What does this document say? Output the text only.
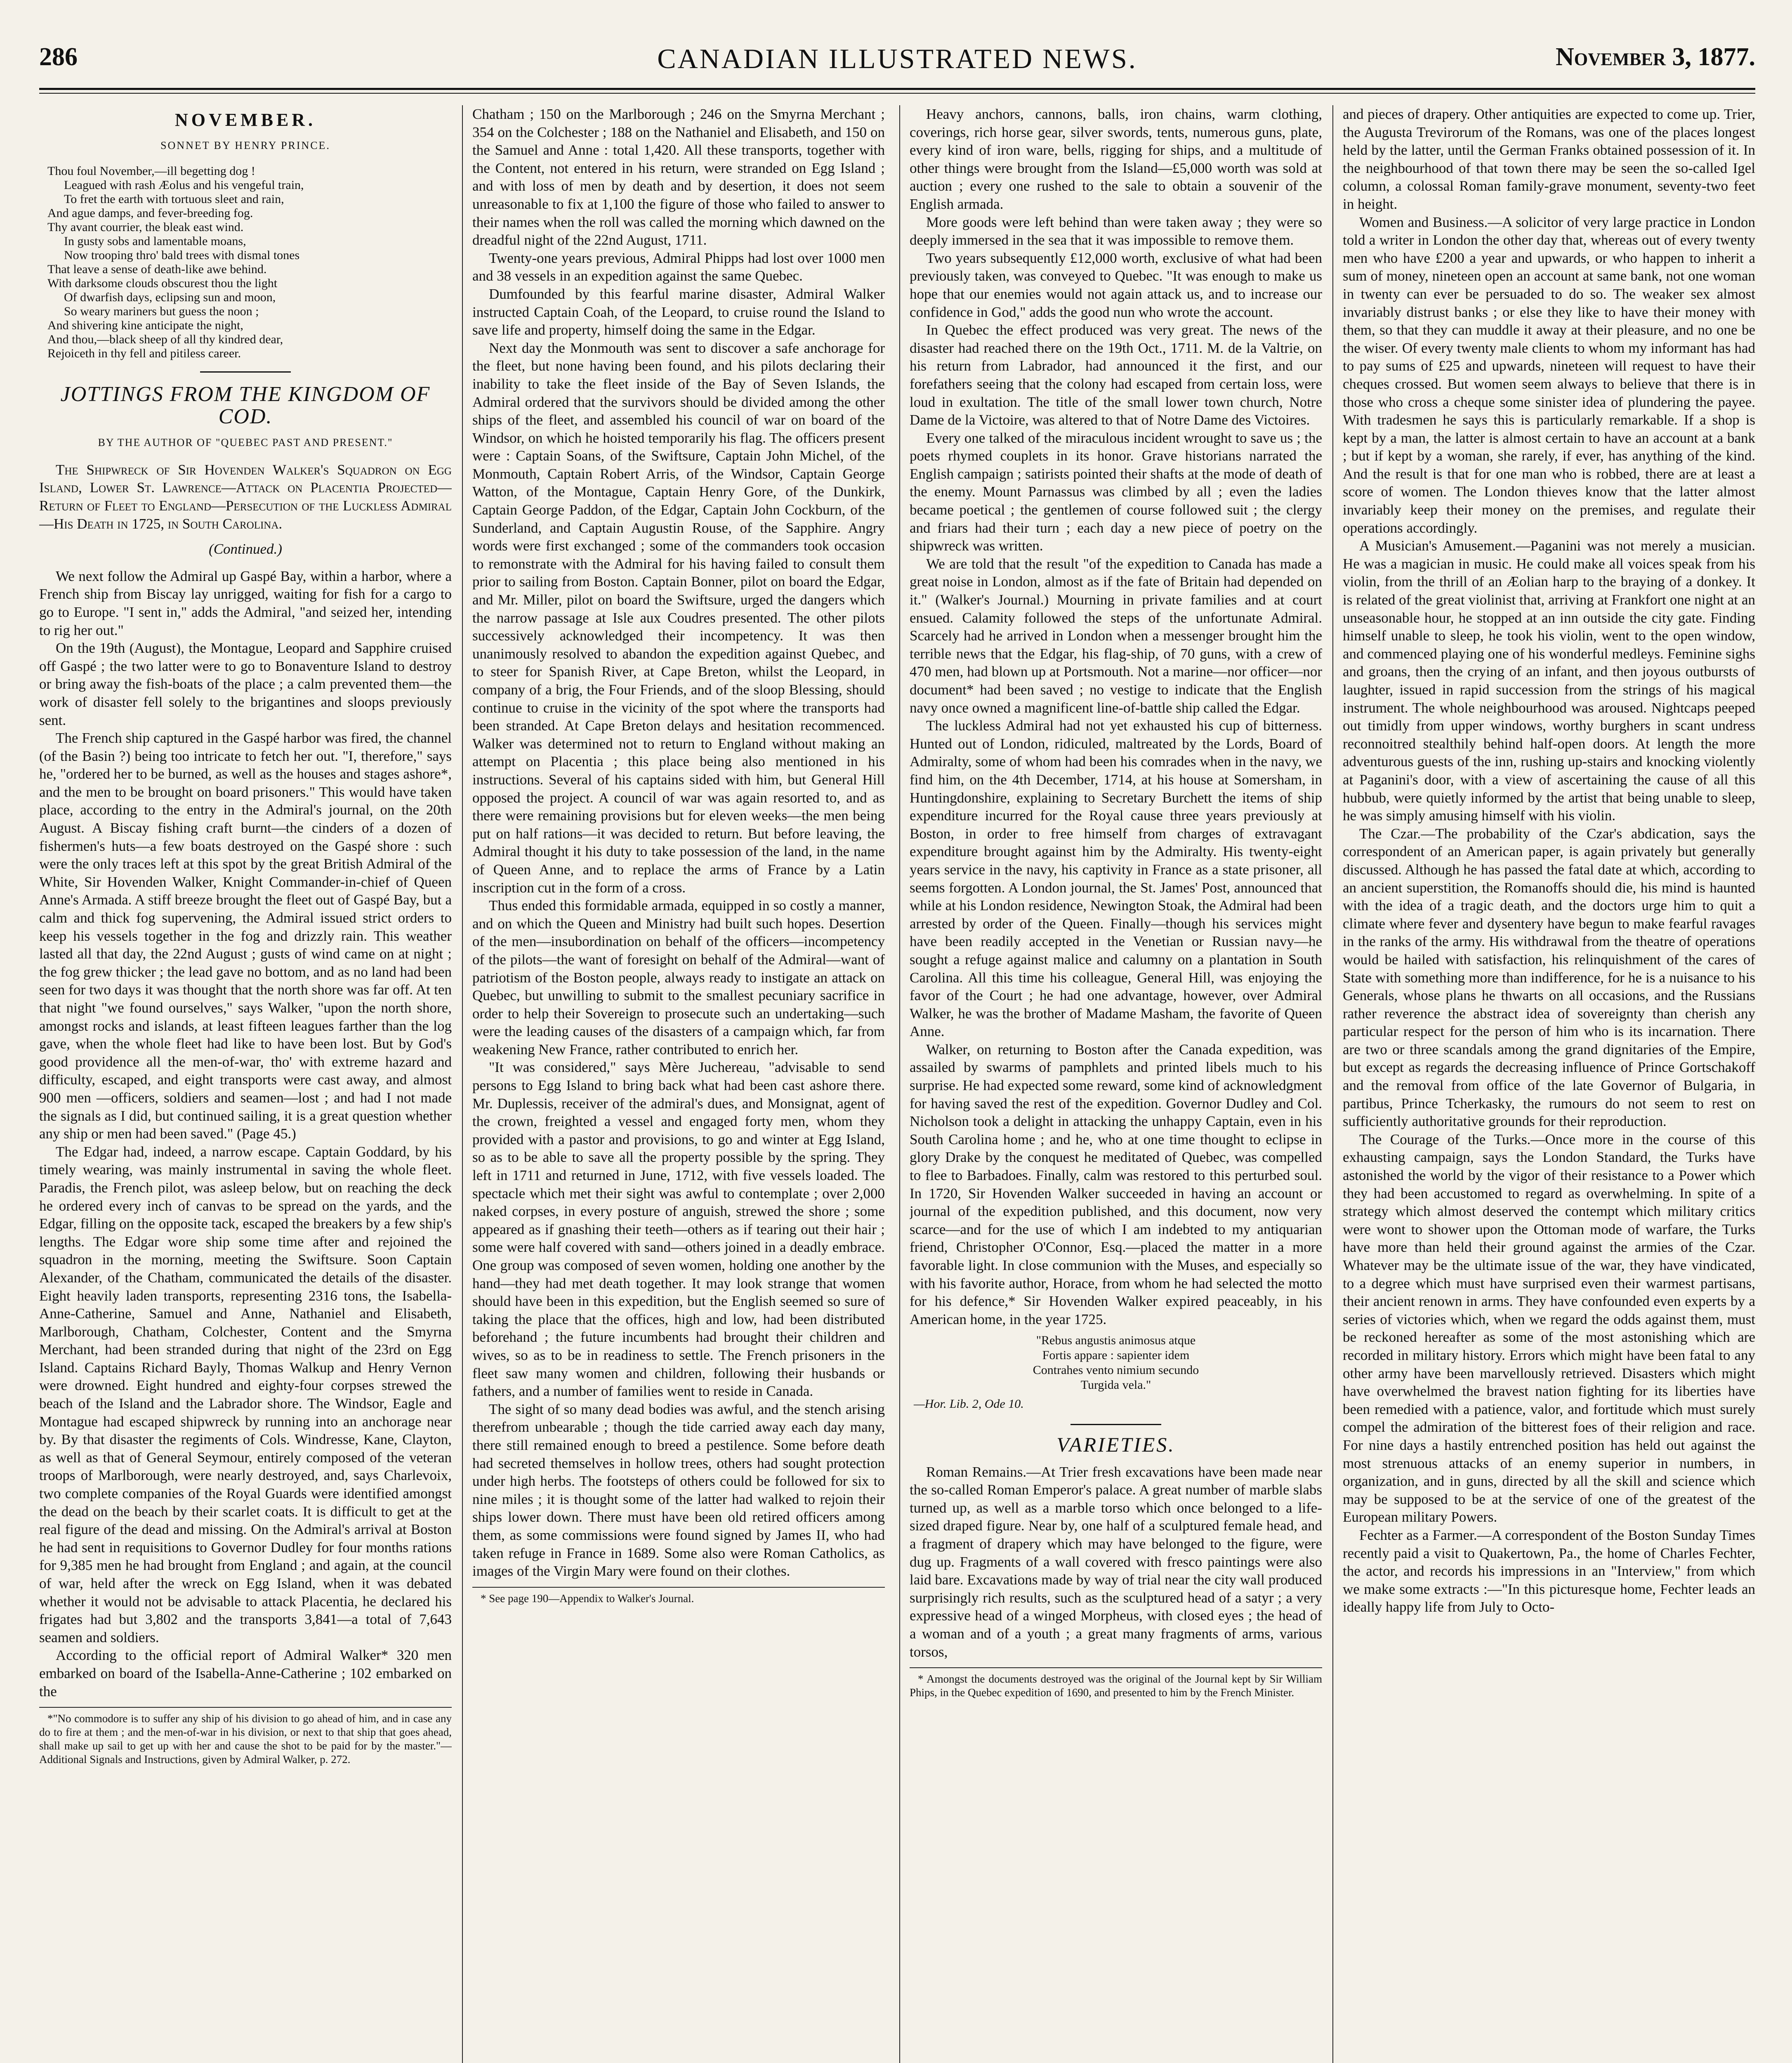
286	CANADIAN ILLUSTRATED NEWS.	November 3, 1877.
NOVEMBER.
SONNET BY HENRY PRINCE.
Thou foul November,—ill begetting dog !
Leagued with rash Æolus and his vengeful train,
To fret the earth with tortuous sleet and rain,
And ague damps, and fever-breeding fog.
Thy avant courrier, the bleak east wind.
In gusty sobs and lamentable moans,
Now trooping thro' bald trees with dismal tones
That leave a sense of death-like awe behind.
With darksome clouds obscurest thou the light
Of dwarfish days, eclipsing sun and moon,
So weary mariners but guess the noon ;
And shivering kine anticipate the night,
And thou,—black sheep of all thy kindred dear,
Rejoiceth in thy fell and pitiless career.
JOTTINGS FROM THE KINGDOM OF COD.
BY THE AUTHOR OF "QUEBEC PAST AND PRESENT."

The Shipwreck of Sir Hovenden Walker's Squadron on Egg Island, Lower St. Lawrence—Attack on Placentia Projected—Return of Fleet to England—Persecution of the Luckless Admiral—His Death in 1725, in South Carolina.

(Continued.)

We next follow the Admiral up Gaspé Bay, within a harbor, where a French ship from Biscay lay unrigged, waiting for fish for a cargo to go to Europe. "I sent in," adds the Admiral, "and seized her, intending to rig her out."

On the 19th (August), the Montague, Leopard and Sapphire cruised off Gaspé ; the two latter were to go to Bonaventure Island to destroy or bring away the fish-boats of the place ; a calm prevented them—the work of disaster fell solely to the brigantines and sloops previously sent.

The French ship captured in the Gaspé harbor was fired, the channel (of the Basin ?) being too intricate to fetch her out. "I, therefore," says he, "ordered her to be burned, as well as the houses and stages ashore*, and the men to be brought on board prisoners." This would have taken place, according to the entry in the Admiral's journal, on the 20th August. A Biscay fishing craft burnt—the cinders of a dozen of fishermen's huts—a few boats destroyed on the Gaspé shore : such were the only traces left at this spot by the great British Admiral of the White, Sir Hovenden Walker, Knight Commander-in-chief of Queen Anne's Armada. A stiff breeze brought the fleet out of Gaspé Bay, but a calm and thick fog supervening, the Admiral issued strict orders to keep his vessels together in the fog and drizzly rain. This weather lasted all that day, the 22nd August ; gusts of wind came on at night ; the fog grew thicker ; the lead gave no bottom, and as no land had been seen for two days it was thought that the north shore was far off. At ten that night "we found ourselves," says Walker, "upon the north shore, amongst rocks and islands, at least fifteen leagues farther than the log gave, when the whole fleet had like to have been lost. But by God's good providence all the men-of-war, tho' with extreme hazard and difficulty, escaped, and eight transports were cast away, and almost 900 men —officers, soldiers and seamen—lost ; and had I not made the signals as I did, but continued sailing, it is a great question whether any ship or men had been saved." (Page 45.)

The Edgar had, indeed, a narrow escape. Captain Goddard, by his timely wearing, was mainly instrumental in saving the whole fleet. Paradis, the French pilot, was asleep below, but on reaching the deck he ordered every inch of canvas to be spread on the yards, and the Edgar, filling on the opposite tack, escaped the breakers by a few ship's lengths. The Edgar wore ship some time after and rejoined the squadron in the morning, meeting the Swiftsure. Soon Captain Alexander, of the Chatham, communicated the details of the disaster. Eight heavily laden transports, representing 2316 tons, the Isabella-Anne-Catherine, Samuel and Anne, Nathaniel and Elisabeth, Marlborough, Chatham, Colchester, Content and the Smyrna Merchant, had been stranded during that night of the 23rd on Egg Island. Captains Richard Bayly, Thomas Walkup and Henry Vernon were drowned. Eight hundred and eighty-four corpses strewed the beach of the Island and the Labrador shore. The Windsor, Eagle and Montague had escaped shipwreck by running into an anchorage near by. By that disaster the regiments of Cols. Windresse, Kane, Clayton, as well as that of General Seymour, entirely composed of the veteran troops of Marlborough, were nearly destroyed, and, says Charlevoix, two complete companies of the Royal Guards were identified amongst the dead on the beach by their scarlet coats. It is difficult to get at the real figure of the dead and missing. On the Admiral's arrival at Boston he had sent in requisitions to Governor Dudley for four months rations for 9,385 men he had brought from England ; and again, at the council of war, held after the wreck on Egg Island, when it was debated whether it would not be advisable to attack Placentia, he declared his frigates had but 3,802 and the transports 3,841—a total of 7,643 seamen and soldiers.

According to the official report of Admiral Walker* 320 men embarked on board of the Isabella-Anne-Catherine ; 102 embarked on the

*"No commodore is to suffer any ship of his division to go ahead of him, and in case any do to fire at them ; and the men-of-war in his division, or next to that ship that goes ahead, shall make up sail to get up with her and cause the shot to be paid for by the master."—Additional Signals and Instructions, given by Admiral Walker, p. 272.

Chatham ; 150 on the Marlborough ; 246 on the Smyrna Merchant ; 354 on the Colchester ; 188 on the Nathaniel and Elisabeth, and 150 on the Samuel and Anne : total 1,420. All these transports, together with the Content, not entered in his return, were stranded on Egg Island ; and with loss of men by death and by desertion, it does not seem unreasonable to fix at 1,100 the figure of those who failed to answer to their names when the roll was called the morning which dawned on the dreadful night of the 22nd August, 1711.

Twenty-one years previous, Admiral Phipps had lost over 1000 men and 38 vessels in an expedition against the same Quebec.

Dumfounded by this fearful marine disaster, Admiral Walker instructed Captain Coah, of the Leopard, to cruise round the Island to save life and property, himself doing the same in the Edgar.

Next day the Monmouth was sent to discover a safe anchorage for the fleet, but none having been found, and his pilots declaring their inability to take the fleet inside of the Bay of Seven Islands, the Admiral ordered that the survivors should be divided among the other ships of the fleet, and assembled his council of war on board of the Windsor, on which he hoisted temporarily his flag. The officers present were : Captain Soans, of the Swiftsure, Captain John Michel, of the Monmouth, Captain Robert Arris, of the Windsor, Captain George Watton, of the Montague, Captain Henry Gore, of the Dunkirk, Captain George Paddon, of the Edgar, Captain John Cockburn, of the Sunderland, and Captain Augustin Rouse, of the Sapphire. Angry words were first exchanged ; some of the commanders took occasion to remonstrate with the Admiral for his having failed to consult them prior to sailing from Boston. Captain Bonner, pilot on board the Edgar, and Mr. Miller, pilot on board the Swiftsure, urged the dangers which the narrow passage at Isle aux Coudres presented. The other pilots successively acknowledged their incompetency. It was then unanimously resolved to abandon the expedition against Quebec, and to steer for Spanish River, at Cape Breton, whilst the Leopard, in company of a brig, the Four Friends, and of the sloop Blessing, should continue to cruise in the vicinity of the spot where the transports had been stranded. At Cape Breton delays and hesitation recommenced. Walker was determined not to return to England without making an attempt on Placentia ; this place being also mentioned in his instructions. Several of his captains sided with him, but General Hill opposed the project. A council of war was again resorted to, and as there were remaining provisions but for eleven weeks—the men being put on half rations—it was decided to return. But before leaving, the Admiral thought it his duty to take possession of the land, in the name of Queen Anne, and to replace the arms of France by a Latin inscription cut in the form of a cross.

Thus ended this formidable armada, equipped in so costly a manner, and on which the Queen and Ministry had built such hopes. Desertion of the men—insubordination on behalf of the officers—incompetency of the pilots—the want of foresight on behalf of the Admiral—want of patriotism of the Boston people, always ready to instigate an attack on Quebec, but unwilling to submit to the smallest pecuniary sacrifice in order to help their Sovereign to prosecute such an undertaking—such were the leading causes of the disasters of a campaign which, far from weakening New France, rather contributed to enrich her.

"It was considered," says Mère Juchereau, "advisable to send persons to Egg Island to bring back what had been cast ashore there. Mr. Duplessis, receiver of the admiral's dues, and Monsignat, agent of the crown, freighted a vessel and engaged forty men, whom they provided with a pastor and provisions, to go and winter at Egg Island, so as to be able to save all the property possible by the spring. They left in 1711 and returned in June, 1712, with five vessels loaded. The spectacle which met their sight was awful to contemplate ; over 2,000 naked corpses, in every posture of anguish, strewed the shore ; some appeared as if gnashing their teeth—others as if tearing out their hair ; some were half covered with sand—others joined in a deadly embrace. One group was composed of seven women, holding one another by the hand—they had met death together. It may look strange that women should have been in this expedition, but the English seemed so sure of taking the place that the offices, high and low, had been distributed beforehand ; the future incumbents had brought their children and wives, so as to be in readiness to settle. The French prisoners in the fleet saw many women and children, following their husbands or fathers, and a number of families went to reside in Canada.

The sight of so many dead bodies was awful, and the stench arising therefrom unbearable ; though the tide carried away each day many, there still remained enough to breed a pestilence. Some before death had secreted themselves in hollow trees, others had sought protection under high herbs. The footsteps of others could be followed for six to nine miles ; it is thought some of the latter had walked to rejoin their ships lower down. There must have been old retired officers among them, as some commissions were found signed by James II, who had taken refuge in France in 1689. Some also were Roman Catholics, as images of the Virgin Mary were found on their clothes.

* See page 190—Appendix to Walker's Journal.

Heavy anchors, cannons, balls, iron chains, warm clothing, coverings, rich horse gear, silver swords, tents, numerous guns, plate, every kind of iron ware, bells, rigging for ships, and a multitude of other things were brought from the Island—£5,000 worth was sold at auction ; every one rushed to the sale to obtain a souvenir of the English armada.

More goods were left behind than were taken away ; they were so deeply immersed in the sea that it was impossible to remove them.

Two years subsequently £12,000 worth, exclusive of what had been previously taken, was conveyed to Quebec. "It was enough to make us hope that our enemies would not again attack us, and to increase our confidence in God," adds the good nun who wrote the account.

In Quebec the effect produced was very great. The news of the disaster had reached there on the 19th Oct., 1711. M. de la Valtrie, on his return from Labrador, had announced it the first, and our forefathers seeing that the colony had escaped from certain loss, were loud in exultation. The title of the small lower town church, Notre Dame de la Victoire, was altered to that of Notre Dame des Victoires.

Every one talked of the miraculous incident wrought to save us ; the poets rhymed couplets in its honor. Grave historians narrated the English campaign ; satirists pointed their shafts at the mode of death of the enemy. Mount Parnassus was climbed by all ; even the ladies became poetical ; the gentlemen of course followed suit ; the clergy and friars had their turn ; each day a new piece of poetry on the shipwreck was written.

We are told that the result "of the expedition to Canada has made a great noise in London, almost as if the fate of Britain had depended on it." (Walker's Journal.) Mourning in private families and at court ensued. Calamity followed the steps of the unfortunate Admiral. Scarcely had he arrived in London when a messenger brought him the terrible news that the Edgar, his flag-ship, of 70 guns, with a crew of 470 men, had blown up at Portsmouth. Not a marine—nor officer—nor document* had been saved ; no vestige to indicate that the English navy once owned a magnificent line-of-battle ship called the Edgar.

The luckless Admiral had not yet exhausted his cup of bitterness. Hunted out of London, ridiculed, maltreated by the Lords, Board of Admiralty, some of whom had been his comrades when in the navy, we find him, on the 4th December, 1714, at his house at Somersham, in Huntingdonshire, explaining to Secretary Burchett the items of ship expenditure incurred for the Royal cause three years previously at Boston, in order to free himself from charges of extravagant expenditure brought against him by the Admiralty. His twenty-eight years service in the navy, his captivity in France as a state prisoner, all seems forgotten. A London journal, the St. James' Post, announced that while at his London residence, Newington Stoak, the Admiral had been arrested by order of the Queen. Finally—though his services might have been readily accepted in the Venetian or Russian navy—he sought a refuge against malice and calumny on a plantation in South Carolina. All this time his colleague, General Hill, was enjoying the favor of the Court ; he had one advantage, however, over Admiral Walker, he was the brother of Madame Masham, the favorite of Queen Anne.

Walker, on returning to Boston after the Canada expedition, was assailed by swarms of pamphlets and printed libels much to his surprise. He had expected some reward, some kind of acknowledgment for having saved the rest of the expedition. Governor Dudley and Col. Nicholson took a delight in attacking the unhappy Captain, even in his South Carolina home ; and he, who at one time thought to eclipse in glory Drake by the conquest he meditated of Quebec, was compelled to flee to Barbadoes. Finally, calm was restored to this perturbed soul. In 1720, Sir Hovenden Walker succeeded in having an account or journal of the expedition published, and this document, now very scarce—and for the use of which I am indebted to my antiquarian friend, Christopher O'Connor, Esq.—placed the matter in a more favorable light. In close communion with the Muses, and especially so with his favorite author, Horace, from whom he had selected the motto for his defence,* Sir Hovenden Walker expired peaceably, in his American home, in the year 1725.

"Rebus angustis animosus atque
Fortis appare : sapienter idem
Contrahes vento nimium secundo
Turgida vela."
—Hor. Lib. 2, Ode 10.
VARIETIES.

Roman Remains.—At Trier fresh excavations have been made near the so-called Roman Emperor's palace. A great number of marble slabs turned up, as well as a marble torso which once belonged to a life-sized draped figure. Near by, one half of a sculptured female head, and a fragment of drapery which may have belonged to the figure, were dug up. Fragments of a wall covered with fresco paintings were also laid bare. Excavations made by way of trial near the city wall produced surprisingly rich results, such as the sculptured head of a satyr ; a very expressive head of a winged Morpheus, with closed eyes ; the head of a woman and of a youth ; a great many fragments of arms, various torsos,

* Amongst the documents destroyed was the original of the Journal kept by Sir William Phips, in the Quebec expedition of 1690, and presented to him by the French Minister.

and pieces of drapery. Other antiquities are expected to come up. Trier, the Augusta Trevirorum of the Romans, was one of the places longest held by the latter, until the German Franks obtained possession of it. In the neighbourhood of that town there may be seen the so-called Igel column, a colossal Roman family-grave monument, seventy-two feet in height.

Women and Business.—A solicitor of very large practice in London told a writer in London the other day that, whereas out of every twenty men who have £200 a year and upwards, or who happen to inherit a sum of money, nineteen open an account at same bank, not one woman in twenty can ever be persuaded to do so. The weaker sex almost invariably distrust banks ; or else they like to have their money with them, so that they can muddle it away at their pleasure, and no one be the wiser. Of every twenty male clients to whom my informant has had to pay sums of £25 and upwards, nineteen will request to have their cheques crossed. But women seem always to believe that there is in those who cross a cheque some sinister idea of plundering the payee. With tradesmen he says this is particularly remarkable. If a shop is kept by a man, the latter is almost certain to have an account at a bank ; but if kept by a woman, she rarely, if ever, has anything of the kind. And the result is that for one man who is robbed, there are at least a score of women. The London thieves know that the latter almost invariably keep their money on the premises, and regulate their operations accordingly.

A Musician's Amusement.—Paganini was not merely a musician. He was a magician in music. He could make all voices speak from his violin, from the thrill of an Æolian harp to the braying of a donkey. It is related of the great violinist that, arriving at Frankfort one night at an unseasonable hour, he stopped at an inn outside the city gate. Finding himself unable to sleep, he took his violin, went to the open window, and commenced playing one of his wonderful medleys. Feminine sighs and groans, then the crying of an infant, and then joyous outbursts of laughter, issued in rapid succession from the strings of his magical instrument. The whole neighbourhood was aroused. Nightcaps peeped out timidly from upper windows, worthy burghers in scant undress reconnoitred stealthily behind half-open doors. At length the more adventurous guests of the inn, rushing up-stairs and knocking violently at Paganini's door, with a view of ascertaining the cause of all this hubbub, were quietly informed by the artist that being unable to sleep, he was simply amusing himself with his violin.

The Czar.—The probability of the Czar's abdication, says the correspondent of an American paper, is again privately but generally discussed. Although he has passed the fatal date at which, according to an ancient superstition, the Romanoffs should die, his mind is haunted with the idea of a tragic death, and the doctors urge him to quit a climate where fever and dysentery have begun to make fearful ravages in the ranks of the army. His withdrawal from the theatre of operations would be hailed with satisfaction, his relinquishment of the cares of State with something more than indifference, for he is a nuisance to his Generals, whose plans he thwarts on all occasions, and the Russians rather reverence the abstract idea of sovereignty than cherish any particular respect for the person of him who is its incarnation. There are two or three scandals among the grand dignitaries of the Empire, but except as regards the decreasing influence of Prince Gortschakoff and the removal from office of the late Governor of Bulgaria, in partibus, Prince Tcherkasky, the rumours do not seem to rest on sufficiently authoritative grounds for their reproduction.

The Courage of the Turks.—Once more in the course of this exhausting campaign, says the London Standard, the Turks have astonished the world by the vigor of their resistance to a Power which they had been accustomed to regard as overwhelming. In spite of a strategy which almost deserved the contempt which military critics were wont to shower upon the Ottoman mode of warfare, the Turks have more than held their ground against the armies of the Czar. Whatever may be the ultimate issue of the war, they have vindicated, to a degree which must have surprised even their warmest partisans, their ancient renown in arms. They have confounded even experts by a series of victories which, when we regard the odds against them, must be reckoned hereafter as some of the most astonishing which are recorded in military history. Errors which might have been fatal to any other army have been marvellously retrieved. Disasters which might have overwhelmed the bravest nation fighting for its liberties have been remedied with a patience, valor, and fortitude which must surely compel the admiration of the bitterest foes of their religion and race. For nine days a hastily entrenched position has held out against the most strenuous attacks of an enemy superior in numbers, in organization, and in guns, directed by all the skill and science which may be supposed to be at the service of one of the greatest of the European military Powers.

Fechter as a Farmer.—A correspondent of the Boston Sunday Times recently paid a visit to Quakertown, Pa., the home of Charles Fechter, the actor, and records his impressions in an "Interview," from which we make some extracts :—"In this picturesque home, Fechter leads an ideally happy life from July to Octo-
